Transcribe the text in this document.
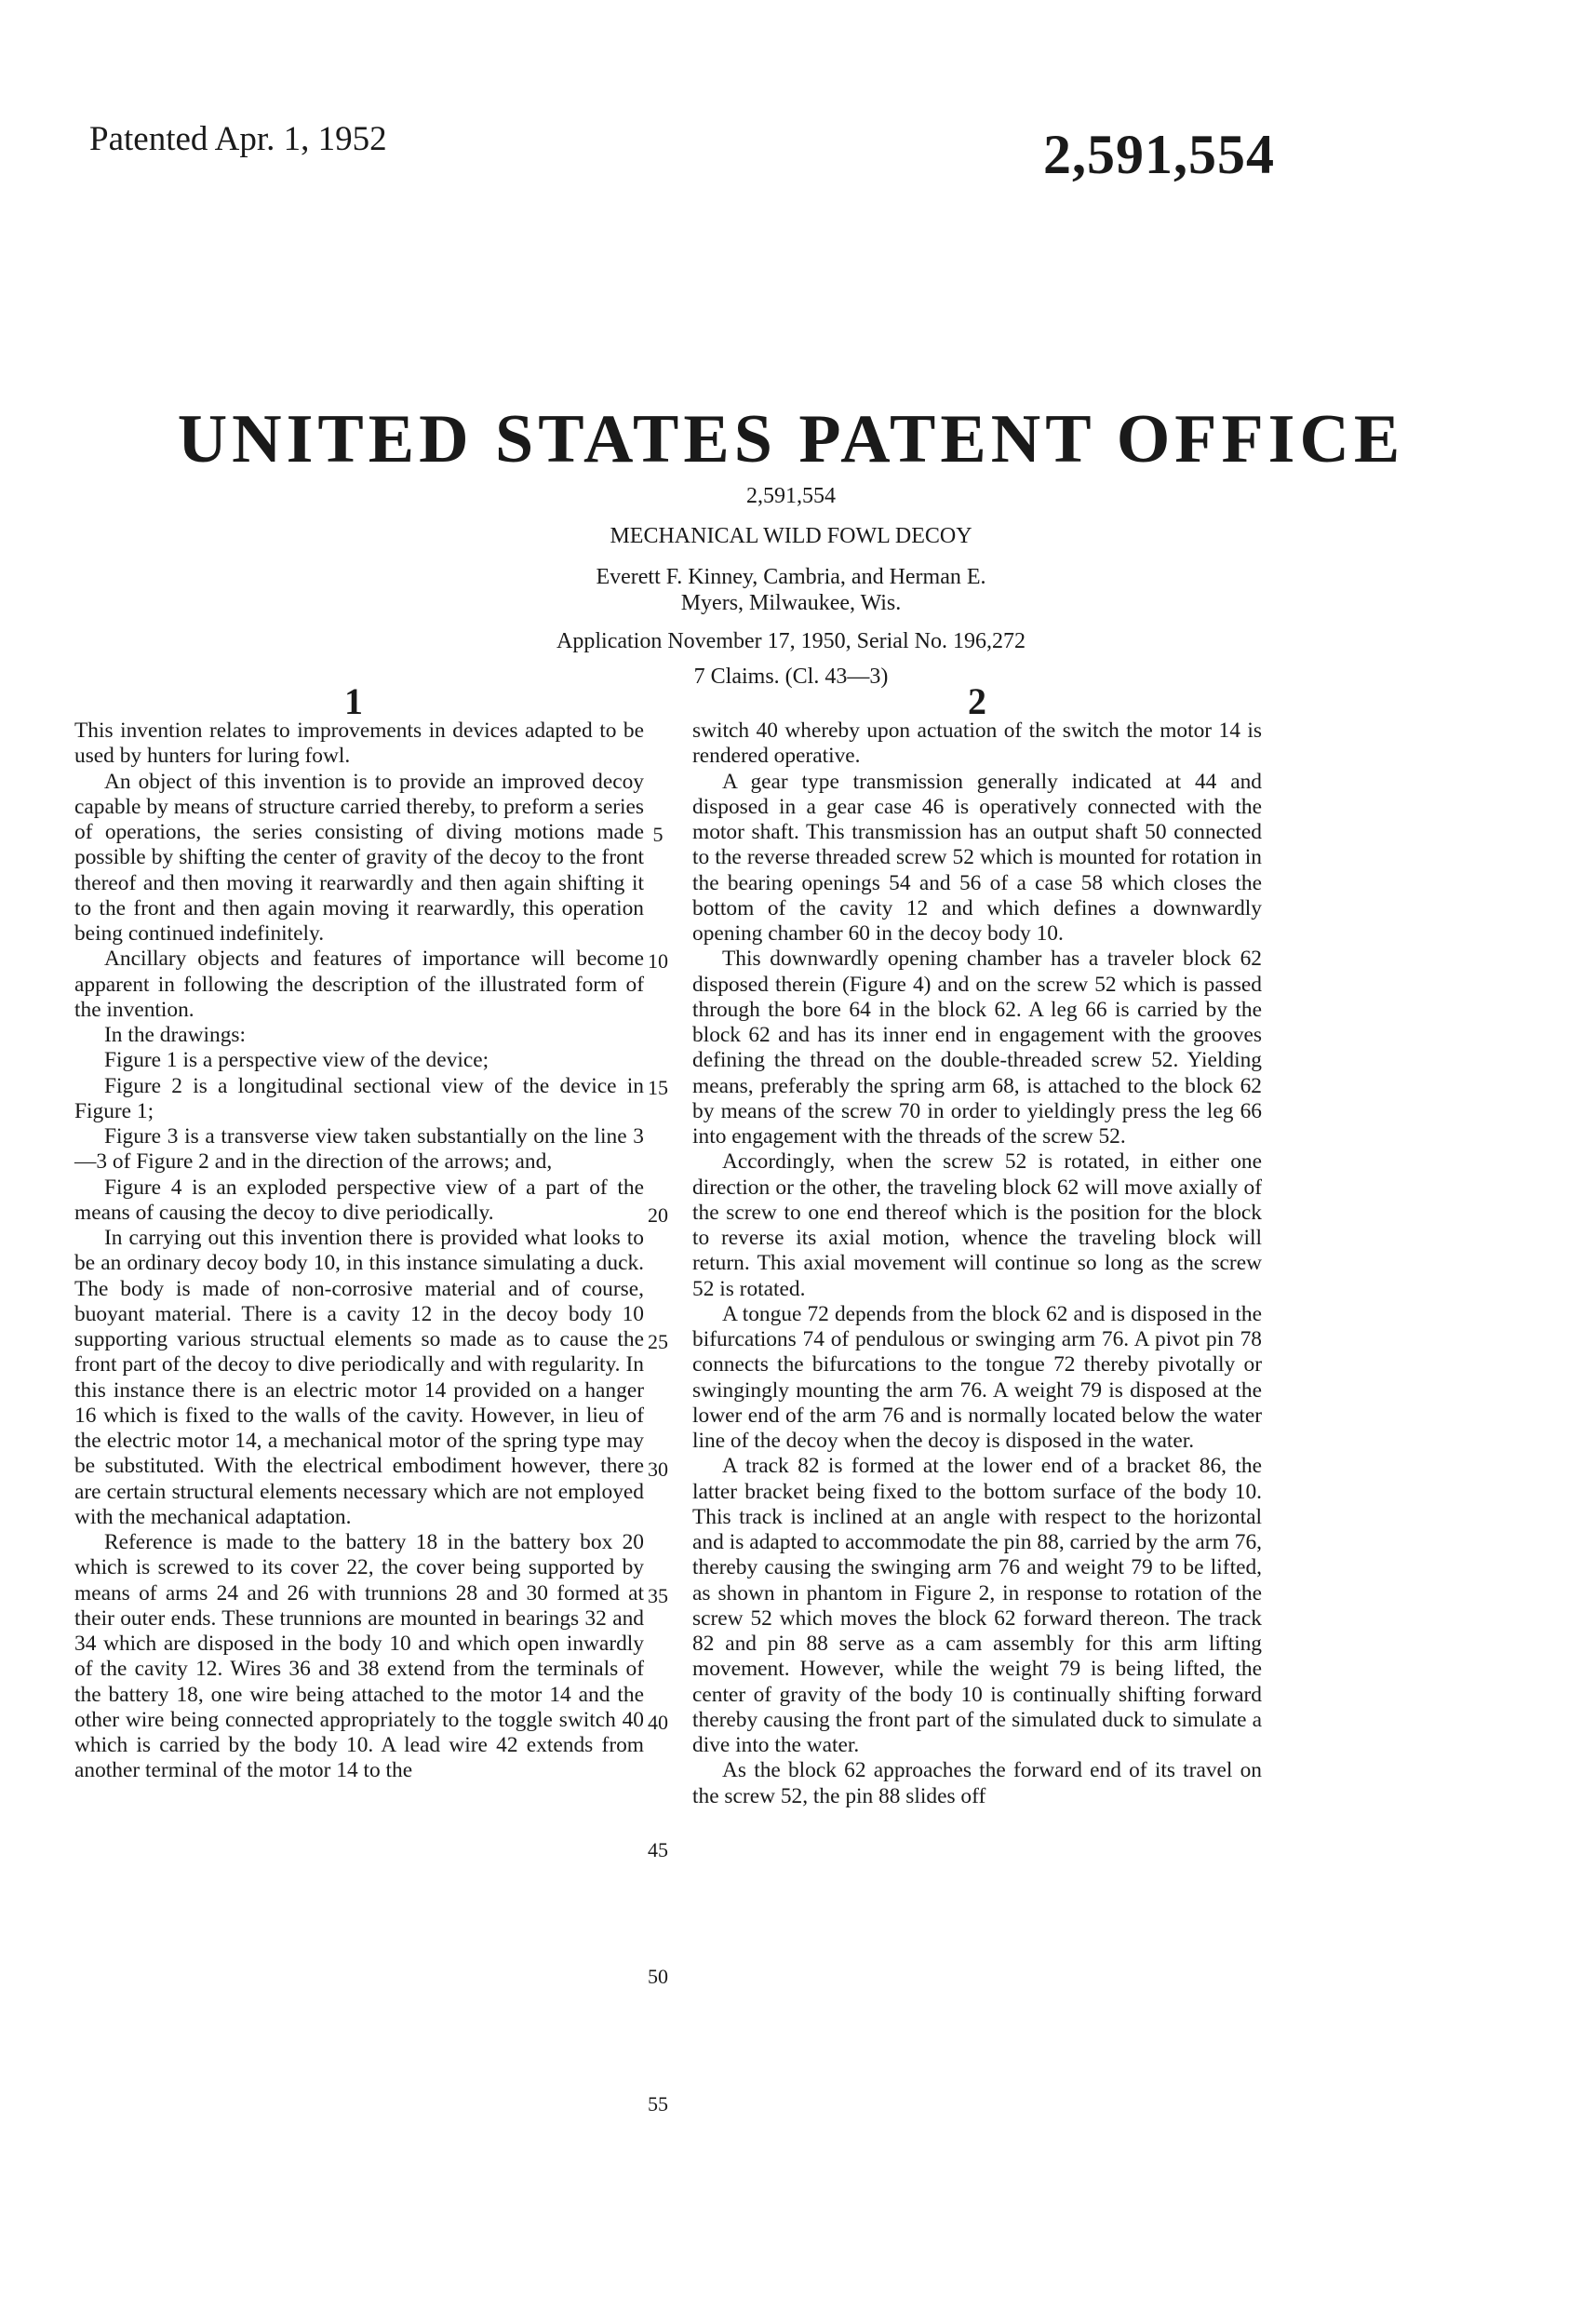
Patented Apr. 1, 1952	2,591,554
UNITED STATES PATENT OFFICE
2,591,554
MECHANICAL WILD FOWL DECOY
Everett F. Kinney, Cambria, and Herman E.
Myers, Milwaukee, Wis.
Application November 17, 1950, Serial No. 196,272
7 Claims. (Cl. 43—3)
1	2

This invention relates to improvements in devices adapted to be used by hunters for luring fowl.

An object of this invention is to provide an improved decoy capable by means of structure carried thereby, to preform a series of operations, the series consisting of diving motions made possible by shifting the center of gravity of the decoy to the front thereof and then moving it rearwardly and then again shifting it to the front and then again moving it rearwardly, this operation being continued indefinitely.

Ancillary objects and features of importance will become apparent in following the description of the illustrated form of the invention.

In the drawings:

Figure 1 is a perspective view of the device;

Figure 2 is a longitudinal sectional view of the device in Figure 1;

Figure 3 is a transverse view taken substantially on the line 3—3 of Figure 2 and in the direction of the arrows; and,

Figure 4 is an exploded perspective view of a part of the means of causing the decoy to dive periodically.

In carrying out this invention there is provided what looks to be an ordinary decoy body 10, in this instance simulating a duck. The body is made of non-corrosive material and of course, buoyant material. There is a cavity 12 in the decoy body 10 supporting various structual elements so made as to cause the front part of the decoy to dive periodically and with regularity. In this instance there is an electric motor 14 provided on a hanger 16 which is fixed to the walls of the cavity. However, in lieu of the electric motor 14, a mechanical motor of the spring type may be substituted. With the electrical embodiment however, there are certain structural elements necessary which are not employed with the mechanical adaptation.

Reference is made to the battery 18 in the battery box 20 which is screwed to its cover 22, the cover being supported by means of arms 24 and 26 with trunnions 28 and 30 formed at their outer ends. These trunnions are mounted in bearings 32 and 34 which are disposed in the body 10 and which open inwardly of the cavity 12. Wires 36 and 38 extend from the terminals of the battery 18, one wire being attached to the motor 14 and the other wire being connected appropriately to the toggle switch 40 which is carried by the body 10. A lead wire 42 extends from another terminal of the motor 14 to the

switch 40 whereby upon actuation of the switch the motor 14 is rendered operative.

A gear type transmission generally indicated at 44 and disposed in a gear case 46 is operatively connected with the motor shaft. This transmission has an output shaft 50 connected to the reverse threaded screw 52 which is mounted for rotation in the bearing openings 54 and 56 of a case 58 which closes the bottom of the cavity 12 and which defines a downwardly opening chamber 60 in the decoy body 10.

This downwardly opening chamber has a traveler block 62 disposed therein (Figure 4) and on the screw 52 which is passed through the bore 64 in the block 62. A leg 66 is carried by the block 62 and has its inner end in engagement with the grooves defining the thread on the double-threaded screw 52. Yielding means, preferably the spring arm 68, is attached to the block 62 by means of the screw 70 in order to yieldingly press the leg 66 into engagement with the threads of the screw 52.

Accordingly, when the screw 52 is rotated, in either one direction or the other, the traveling block 62 will move axially of the screw to one end thereof which is the position for the block to reverse its axial motion, whence the traveling block will return. This axial movement will continue so long as the screw 52 is rotated.

A tongue 72 depends from the block 62 and is disposed in the bifurcations 74 of pendulous or swinging arm 76. A pivot pin 78 connects the bifurcations to the tongue 72 thereby pivotally or swingingly mounting the arm 76. A weight 79 is disposed at the lower end of the arm 76 and is normally located below the water line of the decoy when the decoy is disposed in the water.

A track 82 is formed at the lower end of a bracket 86, the latter bracket being fixed to the bottom surface of the body 10. This track is inclined at an angle with respect to the horizontal and is adapted to accommodate the pin 88, carried by the arm 76, thereby causing the swinging arm 76 and weight 79 to be lifted, as shown in phantom in Figure 2, in response to rotation of the screw 52 which moves the block 62 forward thereon. The track 82 and pin 88 serve as a cam assembly for this arm lifting movement. However, while the weight 79 is being lifted, the center of gravity of the body 10 is continually shifting forward thereby causing the front part of the simulated duck to simulate a dive into the water.

As the block 62 approaches the forward end of its travel on the screw 52, the pin 88 slides off

5
10
15
20
25
30
35
40
45
50
55
